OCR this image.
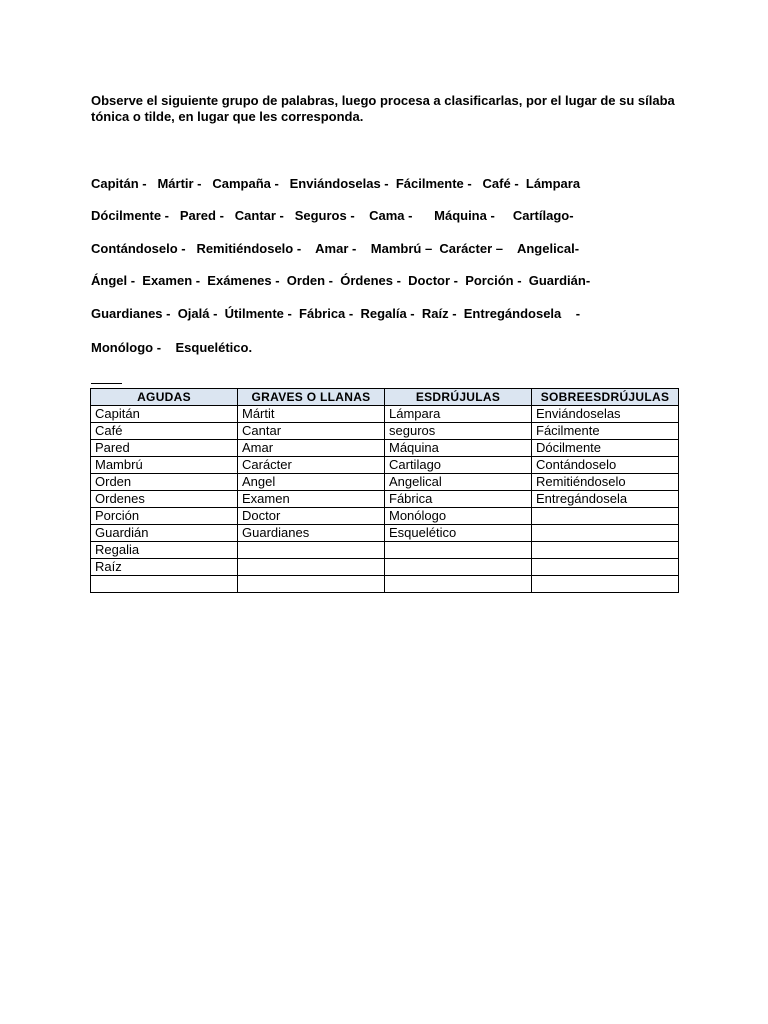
Observe el siguiente grupo de palabras, luego procesa a clasificarlas, por el lugar de su sílaba tónica o tilde, en lugar que les corresponda.
Capitán -   Mártir -   Campaña -   Enviándoselas -  Fácilmente -   Café -  Lámpara
Dócilmente -   Pared -   Cantar -   Seguros -    Cama -      Máquina -     Cartílago-
Contándoselo -   Remitiéndoselo -    Amar -    Mambrú –  Carácter –    Angelical-
Ángel -  Examen -  Exámenes -  Orden -  Órdenes -  Doctor -  Porción -  Guardián-
Guardianes -  Ojalá -  Útilmente -  Fábrica -  Regalía -  Raíz -  Entregándosela    -
Monólogo -    Esquelético.
AGUDAS	GRAVES O LLANAS	ESDRÚJULAS	SOBREESDRÚJULAS
Capitán	Mártit	Lámpara	Enviándoselas
Café	Cantar	seguros	Fácilmente
Pared	Amar	Máquina	Dócilmente
Mambrú	Carácter	Cartilago	Contándoselo
Orden	Angel	Angelical	Remitiéndoselo
Ordenes	Examen	Fábrica	Entregándosela
Porción	Doctor	Monólogo	
Guardián	Guardianes	Esquelético	
Regalia			
Raíz			
